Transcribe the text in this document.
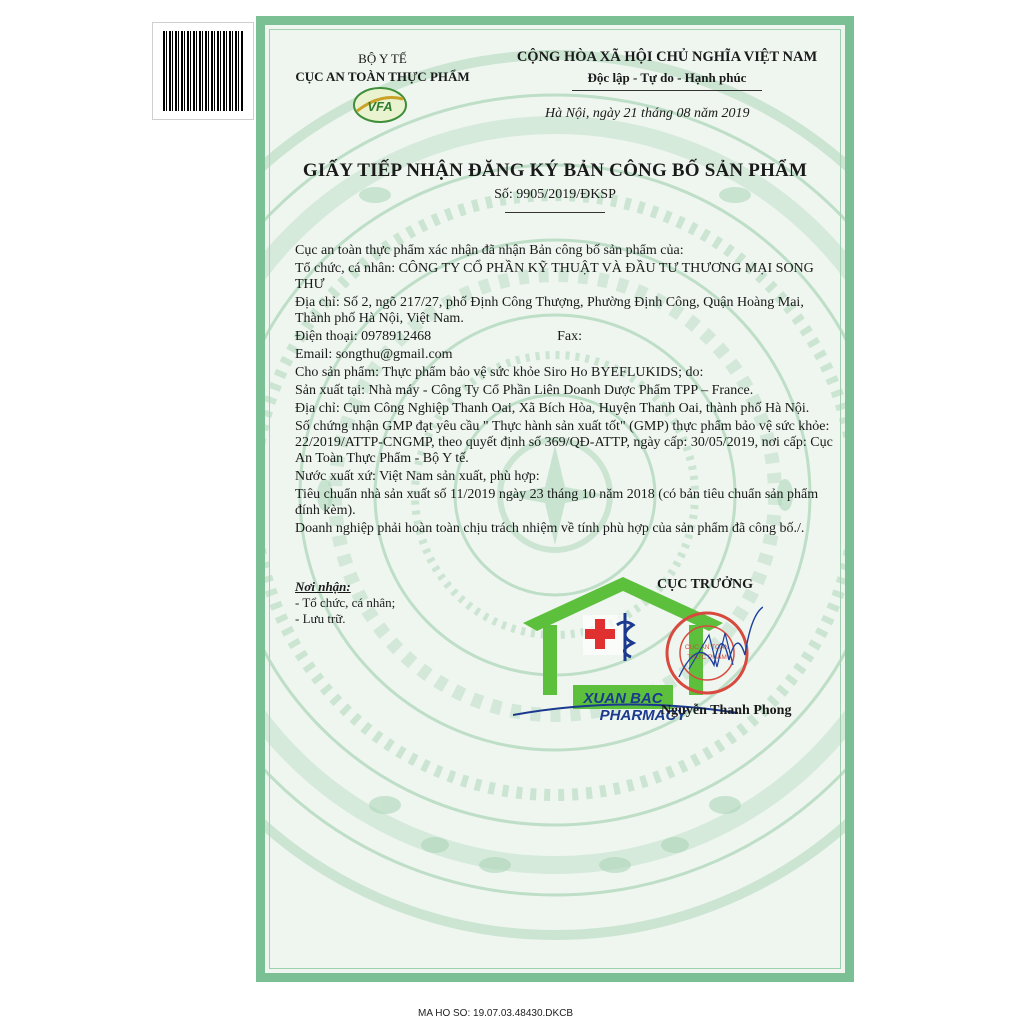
BỘ Y TẾ
CỤC AN TOÀN THỰC PHẨM
VFA
CỘNG HÒA XÃ HỘI CHỦ NGHĨA VIỆT NAM
Độc lập - Tự do - Hạnh phúc
Hà Nội, ngày 21 tháng 08 năm 2019
GIẤY TIẾP NHẬN ĐĂNG KÝ BẢN CÔNG BỐ SẢN PHẨM
Số: 9905/2019/ĐKSP

Cục an toàn thực phẩm xác nhận đã nhận Bản công bố sản phẩm của:

Tổ chức, cá nhân: CÔNG TY CỔ PHẦN KỸ THUẬT VÀ ĐẦU TƯ THƯƠNG MẠI SONG THƯ

Địa chỉ: Số 2, ngõ 217/27, phố Định Công Thượng, Phường Định Công, Quận Hoàng Mai, Thành phố Hà Nội, Việt Nam.

Điện thoại: 0978912468                                    Fax:

Email: songthu@gmail.com

Cho sản phẩm: Thực phẩm bảo vệ sức khỏe Siro Ho BYEFLUKIDS; do:

Sản xuất tại: Nhà máy - Công Ty Cổ Phần Liên Doanh Dược Phẩm TPP – France.

Địa chỉ: Cụm Công Nghiệp Thanh Oai, Xã Bích Hòa, Huyện Thanh Oai, thành phố Hà Nội.

Số chứng nhận GMP đạt yêu cầu " Thực hành sản xuất tốt" (GMP) thực phẩm bảo vệ sức khỏe: 22/2019/ATTP-CNGMP, theo quyết định số 369/QĐ-ATTP, ngày cấp: 30/05/2019, nơi cấp: Cục An Toàn Thực Phẩm - Bộ Y tế.

Nước xuất xứ: Việt Nam sản xuất, phù hợp:

Tiêu chuẩn nhà sản xuất số 11/2019 ngày 23 tháng 10 năm 2018 (có bản tiêu chuẩn sản phẩm đính kèm).

Doanh nghiệp phải hoàn toàn chịu trách nhiệm về tính phù hợp của sản phẩm đã công bố./.

Nơi nhận:
- Tổ chức, cá nhân;
- Lưu trữ.
XUAN BAC
PHARMACY
CỤC TRƯỞNG
CỤC AN TOÀN
THỰC PHẨM
Nguyễn Thanh Phong
MA HO SO: 19.07.03.48430.DKCB
